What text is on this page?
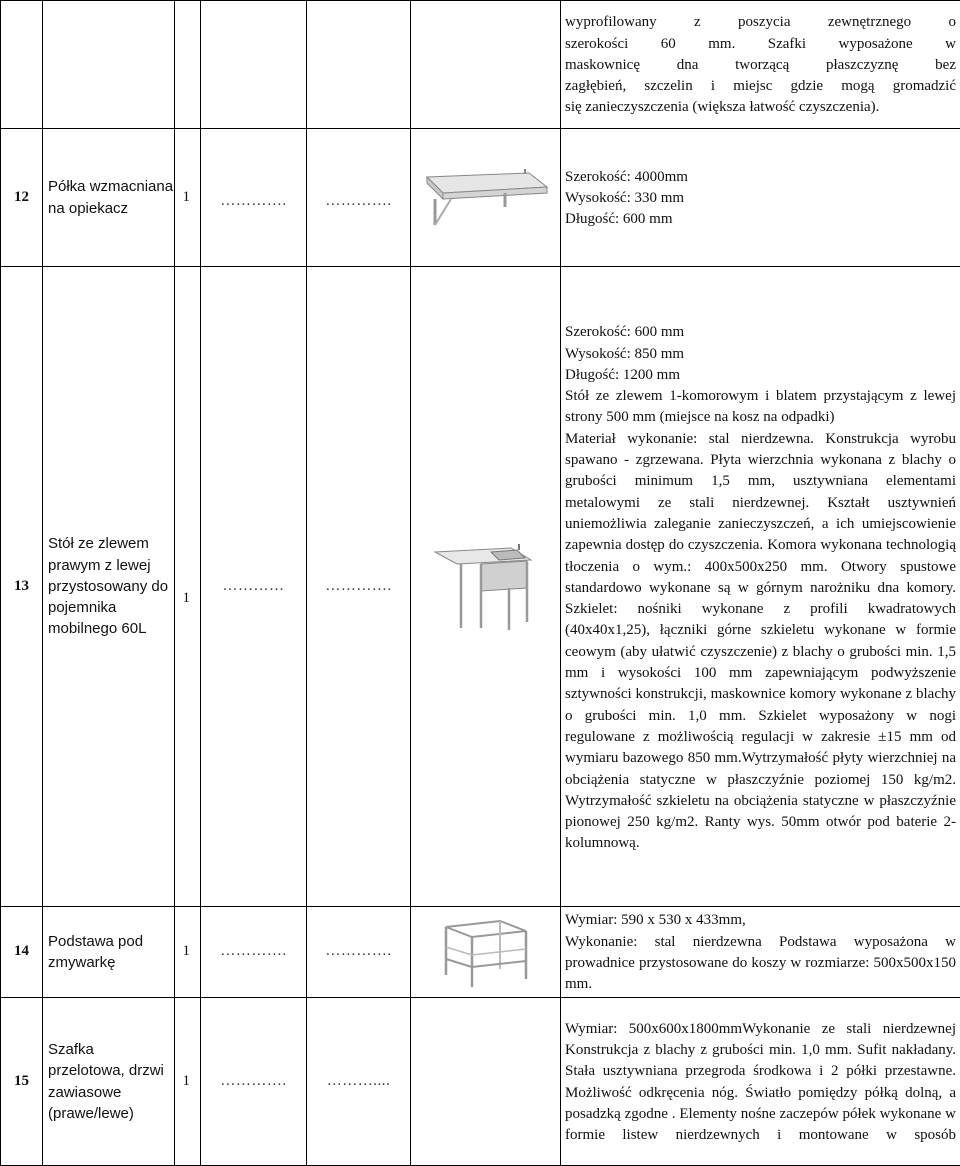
						wyprofilowany z poszycia zewnętrznego o

szerokości 60 mm. Szafki wyposażone w

maskownicę dna tworzącą płaszczyznę bez

zagłębień, szczelin i miejsc gdzie mogą gromadzić

się zanieczyszczenia (większa łatwość czyszczenia).

12	Półka wzmacniana na opiekacz	1	………….	………….		Szerokość: 4000mm

Wysokość: 330 mm

Długość: 600 mm

13	Stół ze zlewem prawym z lewej przystosowany do pojemnika mobilnego 60L	1	…………	………….		Szerokość: 600 mm

Wysokość: 850 mm

Długość: 1200 mm

Stół ze zlewem 1-komorowym i blatem przystającym z lewej strony 500 mm (miejsce na kosz na odpadki)

Materiał wykonanie: stal nierdzewna. Konstrukcja wyrobu spawano - zgrzewana. Płyta wierzchnia wykonana z blachy o grubości minimum 1,5 mm, usztywniana elementami metalowymi ze stali nierdzewnej. Kształt usztywnień uniemożliwia zaleganie zanieczyszczeń, a ich umiejscowienie zapewnia dostęp do czyszczenia. Komora wykonana technologią tłoczenia o wym.: 400x500x250 mm. Otwory spustowe standardowo wykonane są w górnym narożniku dna komory. Szkielet: nośniki wykonane z profili kwadratowych (40x40x1,25), łączniki górne szkieletu wykonane w formie ceowym (aby ułatwić czyszczenie) z blachy o grubości min. 1,5 mm i wysokości 100 mm zapewniającym podwyższenie sztywności konstrukcji, maskownice komory wykonane z blachy o grubości min. 1,0 mm. Szkielet wyposażony w nogi regulowane z możliwością regulacji w zakresie ±15 mm od wymiaru bazowego 850 mm.Wytrzymałość płyty wierzchniej na obciążenia statyczne w płaszczyźnie poziomej 150 kg/m2. Wytrzymałość szkieletu na obciążenia statyczne w płaszczyźnie pionowej 250 kg/m2. Ranty wys. 50mm otwór pod baterie 2-kolumnową.

14	Podstawa pod zmywarkę	1	………….	………….		Wymiar: 590 x 530 x 433mm,

Wykonanie: stal nierdzewna Podstawa wyposażona w prowadnice przystosowane do koszy w rozmiarze: 500x500x150 mm.

15	Szafka przelotowa, drzwi zawiasowe (prawe/lewe)	1	………….	………....		Wymiar: 500x600x1800mmWykonanie ze stali nierdzewnej Konstrukcja z blachy z grubości min. 1,0 mm. Sufit nakładany. Stała usztywniana przegroda środkowa i 2 półki przestawne. Możliwość odkręcenia nóg. Światło pomiędzy półką dolną, a posadzką zgodne . Elementy nośne zaczepów półek wykonane w formie listew nierdzewnych i montowane w sposób
